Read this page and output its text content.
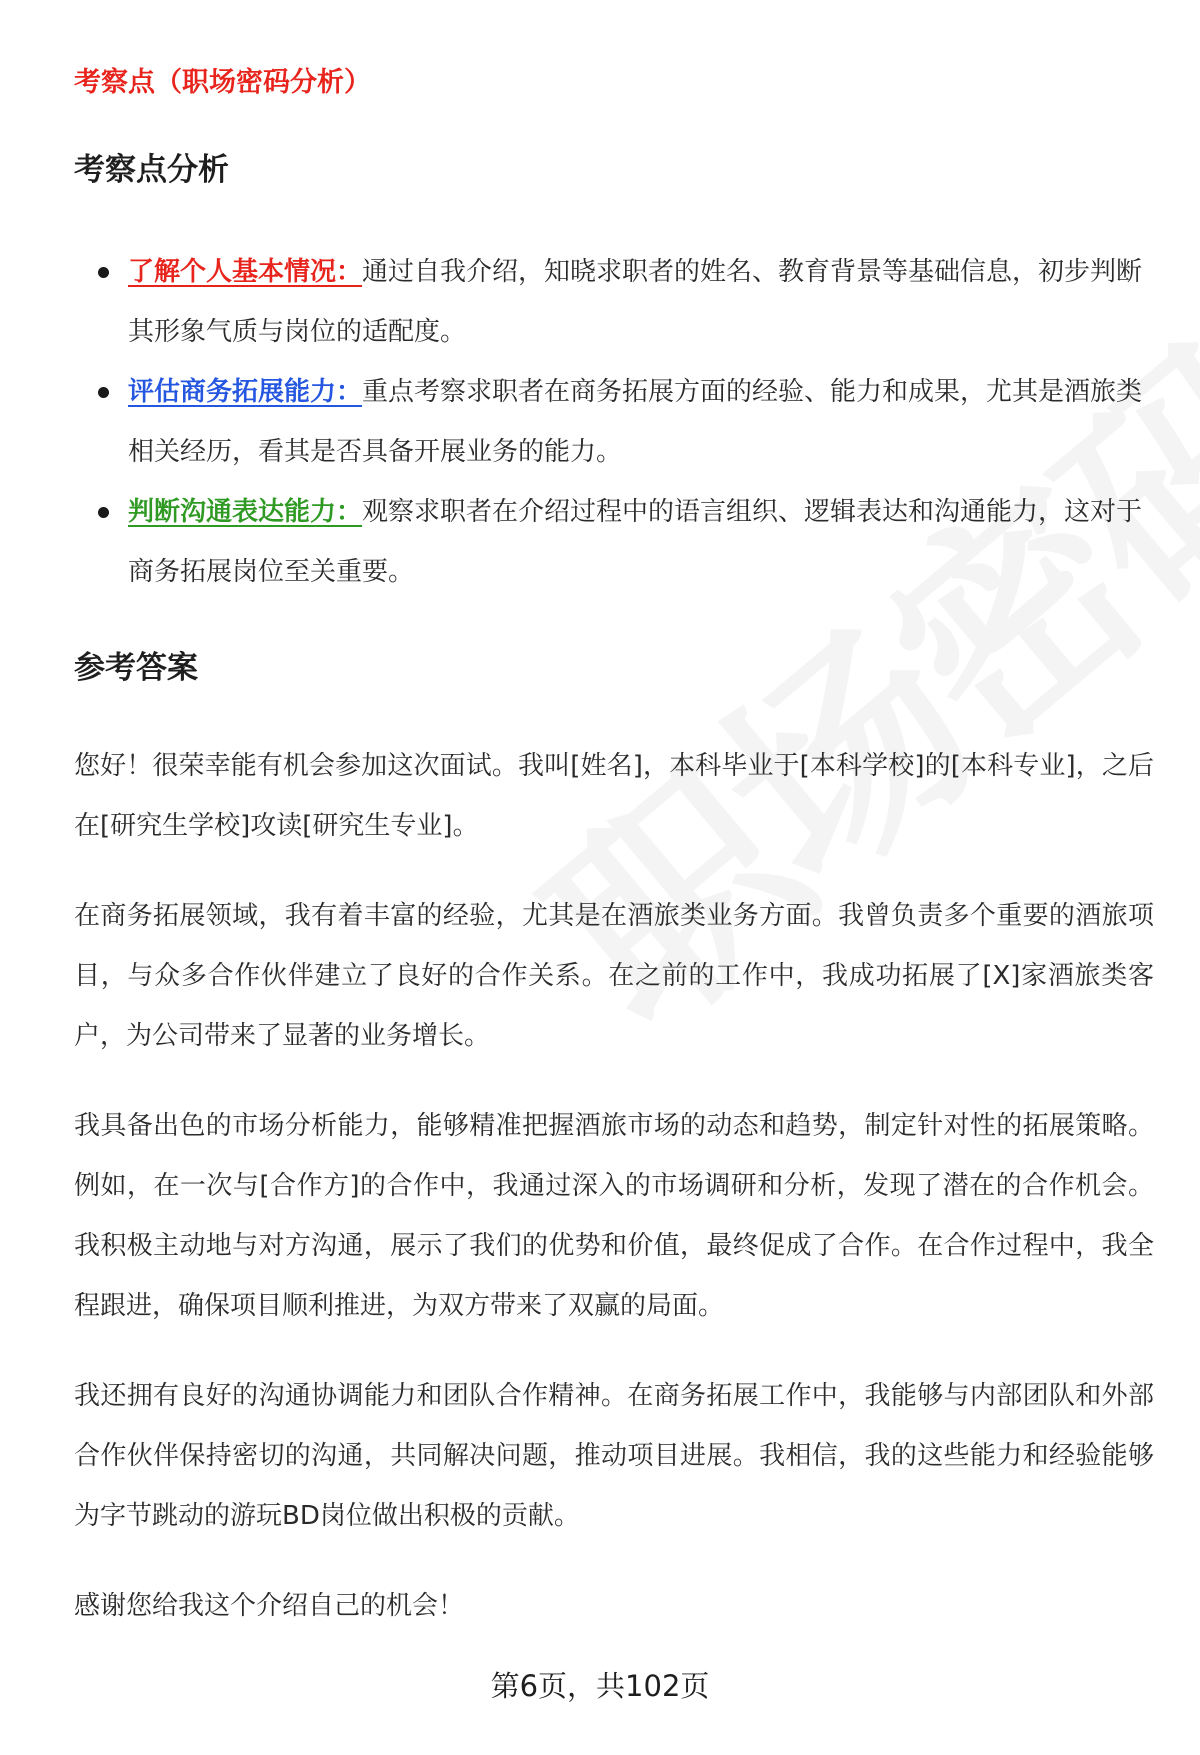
考察点（职场密码分析）
考察点分析
了解个人基本情况：通过自我介绍，知晓求职者的姓名、教育背景等基础信息，初步判断其形象气质与岗位的适配度。
评估商务拓展能力：重点考察求职者在商务拓展方面的经验、能力和成果，尤其是酒旅类相关经历，看其是否具备开展业务的能力。
判断沟通表达能力：观察求职者在介绍过程中的语言组织、逻辑表达和沟通能力，这对于商务拓展岗位至关重要。
参考答案

您好！很荣幸能有机会参加这次面试。我叫[姓名]，本科毕业于[本科学校]的[本科专业]，之后在[研究生学校]攻读[研究生专业]。

在商务拓展领域，我有着丰富的经验，尤其是在酒旅类业务方面。我曾负责多个重要的酒旅项目，与众多合作伙伴建立了良好的合作关系。在之前的工作中，我成功拓展了[X]家酒旅类客户，为公司带来了显著的业务增长。

我具备出色的市场分析能力，能够精准把握酒旅市场的动态和趋势，制定针对性的拓展策略。例如，在一次与[合作方]的合作中，我通过深入的市场调研和分析，发现了潜在的合作机会。我积极主动地与对方沟通，展示了我们的优势和价值，最终促成了合作。在合作过程中，我全程跟进，确保项目顺利推进，为双方带来了双赢的局面。

我还拥有良好的沟通协调能力和团队合作精神。在商务拓展工作中，我能够与内部团队和外部合作伙伴保持密切的沟通，共同解决问题，推动项目进展。我相信，我的这些能力和经验能够为字节跳动的游玩BD岗位做出积极的贡献。

感谢您给我这个介绍自己的机会！

第6页，共102页
